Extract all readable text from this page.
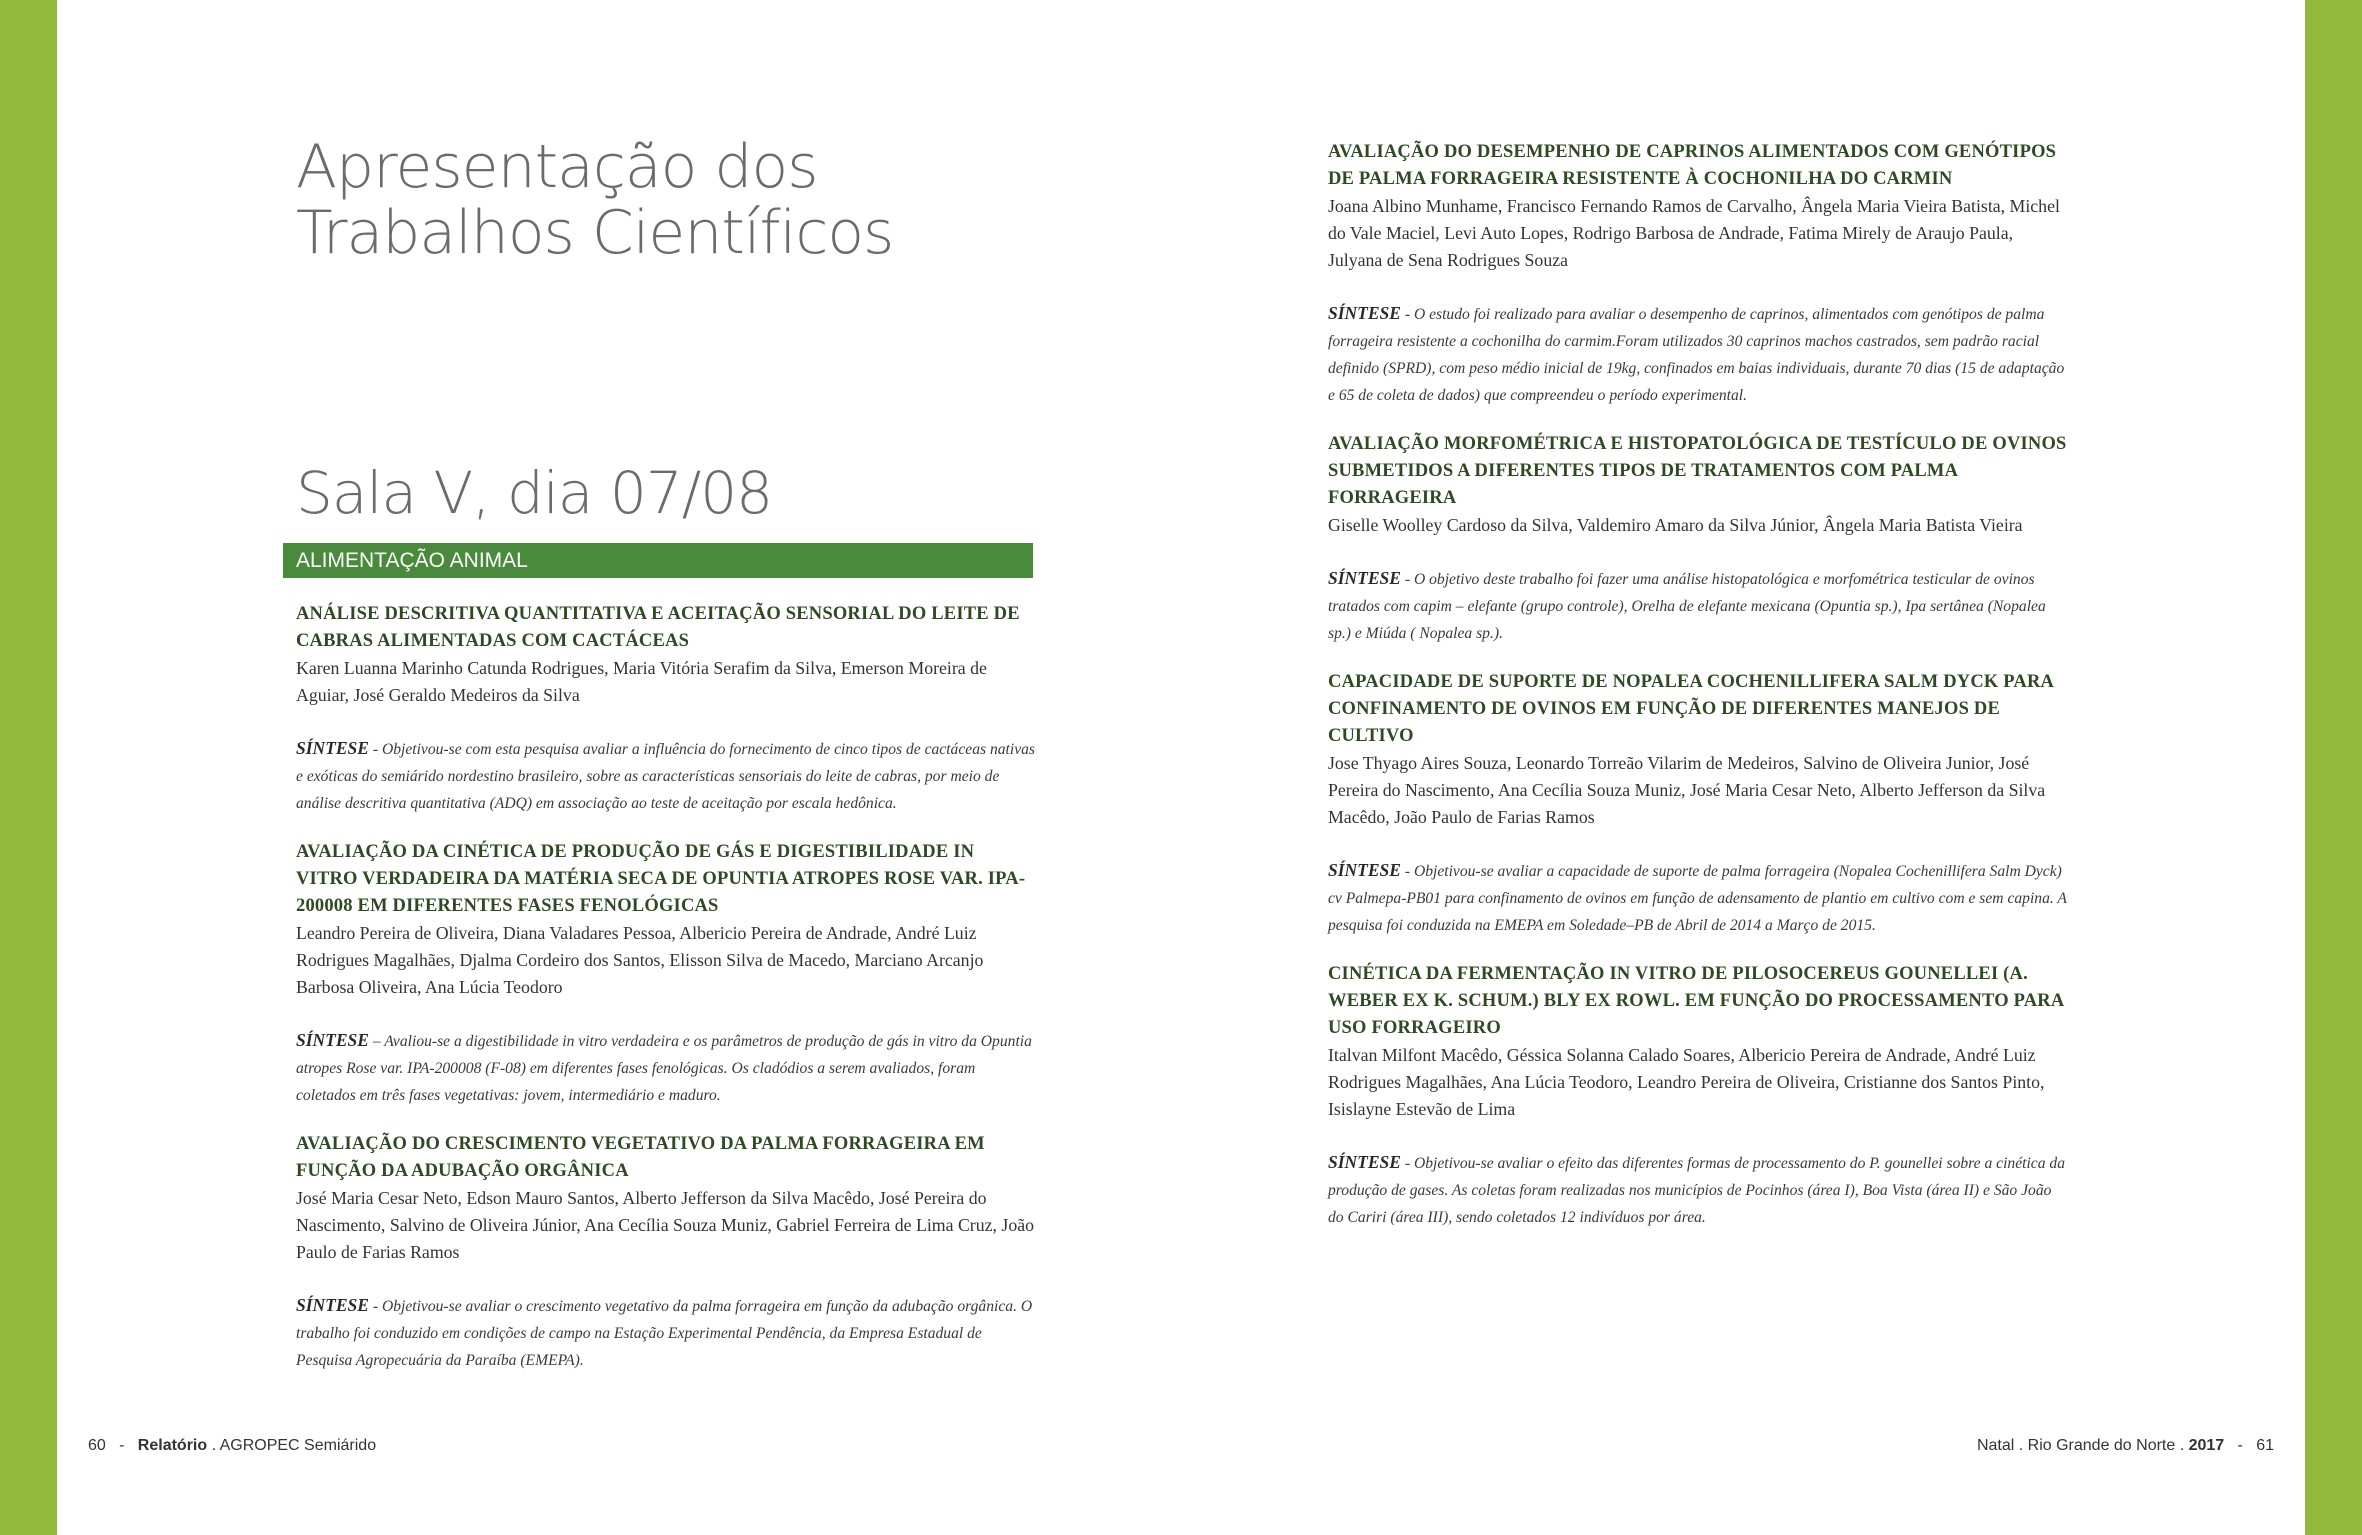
Apresentação dos
Trabalhos Científicos
Sala V, dia 07/08
ALIMENTAÇÃO ANIMAL
ANÁLISE DESCRITIVA QUANTITATIVA E ACEITAÇÃO SENSORIAL DO LEITE DE CABRAS ALIMENTADAS COM CACTÁCEAS
Karen Luanna Marinho Catunda Rodrigues, Maria Vitória Serafim da Silva, Emerson Moreira de Aguiar, José Geraldo Medeiros da Silva
SÍNTESE - Objetivou-se com esta pesquisa avaliar a influência do fornecimento de cinco tipos de cactáceas nativas e exóticas do semiárido nordestino brasileiro, sobre as características sensoriais do leite de cabras, por meio de análise descritiva quantitativa (ADQ) em associação ao teste de aceitação por escala hedônica.
AVALIAÇÃO DA CINÉTICA DE PRODUÇÃO DE GÁS E DIGESTIBILIDADE IN VITRO VERDADEIRA DA MATÉRIA SECA DE OPUNTIA ATROPES ROSE VAR. IPA-200008 EM DIFERENTES FASES FENOLÓGICAS
Leandro Pereira de Oliveira, Diana Valadares Pessoa, Albericio Pereira de Andrade, André Luiz Rodrigues Magalhães, Djalma Cordeiro dos Santos, Elisson Silva de Macedo, Marciano Arcanjo Barbosa Oliveira, Ana Lúcia Teodoro
SÍNTESE – Avaliou-se a digestibilidade in vitro verdadeira e os parâmetros de produção de gás in vitro da Opuntia atropes Rose var. IPA-200008 (F-08) em diferentes fases fenológicas. Os cladódios a serem avaliados, foram coletados em três fases vegetativas: jovem, intermediário e maduro.
AVALIAÇÃO DO CRESCIMENTO VEGETATIVO DA PALMA FORRAGEIRA EM FUNÇÃO DA ADUBAÇÃO ORGÂNICA
José Maria Cesar Neto, Edson Mauro Santos, Alberto Jefferson da Silva Macêdo, José Pereira do Nascimento, Salvino de Oliveira Júnior, Ana Cecília Souza Muniz, Gabriel Ferreira de Lima Cruz, João Paulo de Farias Ramos
SÍNTESE - Objetivou-se avaliar o crescimento vegetativo da palma forrageira em função da adubação orgânica. O trabalho foi conduzido em condições de campo na Estação Experimental Pendência, da Empresa Estadual de Pesquisa Agropecuária da Paraíba (EMEPA).
AVALIAÇÃO DO DESEMPENHO DE CAPRINOS ALIMENTADOS COM GENÓTIPOS DE PALMA FORRAGEIRA RESISTENTE À COCHONILHA DO CARMIN
Joana Albino Munhame, Francisco Fernando Ramos de Carvalho, Ângela Maria Vieira Batista, Michel do Vale Maciel, Levi Auto Lopes, Rodrigo Barbosa de Andrade, Fatima Mirely de Araujo Paula, Julyana de Sena Rodrigues Souza
SÍNTESE - O estudo foi realizado para avaliar o desempenho de caprinos, alimentados com genótipos de palma forrageira resistente a cochonilha do carmim.Foram utilizados 30 caprinos machos castrados, sem padrão racial definido (SPRD), com peso médio inicial de 19kg, confinados em baias individuais, durante 70 dias (15 de adaptação e 65 de coleta de dados) que compreendeu o período experimental.
AVALIAÇÃO MORFOMÉTRICA E HISTOPATOLÓGICA DE TESTÍCULO DE OVINOS SUBMETIDOS A DIFERENTES TIPOS DE TRATAMENTOS COM PALMA FORRAGEIRA
Giselle Woolley Cardoso da Silva, Valdemiro Amaro da Silva Júnior, Ângela Maria Batista Vieira
SÍNTESE - O objetivo deste trabalho foi fazer uma análise histopatológica e morfométrica testicular de ovinos tratados com capim – elefante (grupo controle), Orelha de elefante mexicana (Opuntia sp.), Ipa sertânea (Nopalea sp.) e Miúda ( Nopalea sp.).
CAPACIDADE DE SUPORTE DE NOPALEA COCHENILLIFERA SALM DYCK PARA CONFINAMENTO DE OVINOS EM FUNÇÃO DE DIFERENTES MANEJOS DE CULTIVO
Jose Thyago Aires Souza, Leonardo Torreão Vilarim de Medeiros, Salvino de Oliveira Junior, José Pereira do Nascimento, Ana Cecília Souza Muniz, José Maria Cesar Neto, Alberto Jefferson da Silva Macêdo, João Paulo de Farias Ramos
SÍNTESE - Objetivou-se avaliar a capacidade de suporte de palma forrageira (Nopalea Cochenillifera Salm Dyck) cv Palmepa-PB01 para confinamento de ovinos em função de adensamento de plantio em cultivo com e sem capina. A pesquisa foi conduzida na EMEPA em Soledade–PB de Abril de 2014 a Março de 2015.
CINÉTICA DA FERMENTAÇÃO IN VITRO DE PILOSOCEREUS GOUNELLEI (A. WEBER EX K. SCHUM.) BLY EX ROWL. EM FUNÇÃO DO PROCESSAMENTO PARA USO FORRAGEIRO
Italvan Milfont Macêdo, Géssica Solanna Calado Soares, Albericio Pereira de Andrade, André Luiz Rodrigues Magalhães, Ana Lúcia Teodoro, Leandro Pereira de Oliveira, Cristianne dos Santos Pinto, Isislayne Estevão de Lima
SÍNTESE - Objetivou-se avaliar o efeito das diferentes formas de processamento do P. gounellei sobre a cinética da produção de gases. As coletas foram realizadas nos municípios de Pocinhos (área I), Boa Vista (área II) e São João do Cariri (área III), sendo coletados 12 indivíduos por área.
60   -   Relatório . AGROPEC Semiárido	Natal . Rio Grande do Norte . 2017   -   61
